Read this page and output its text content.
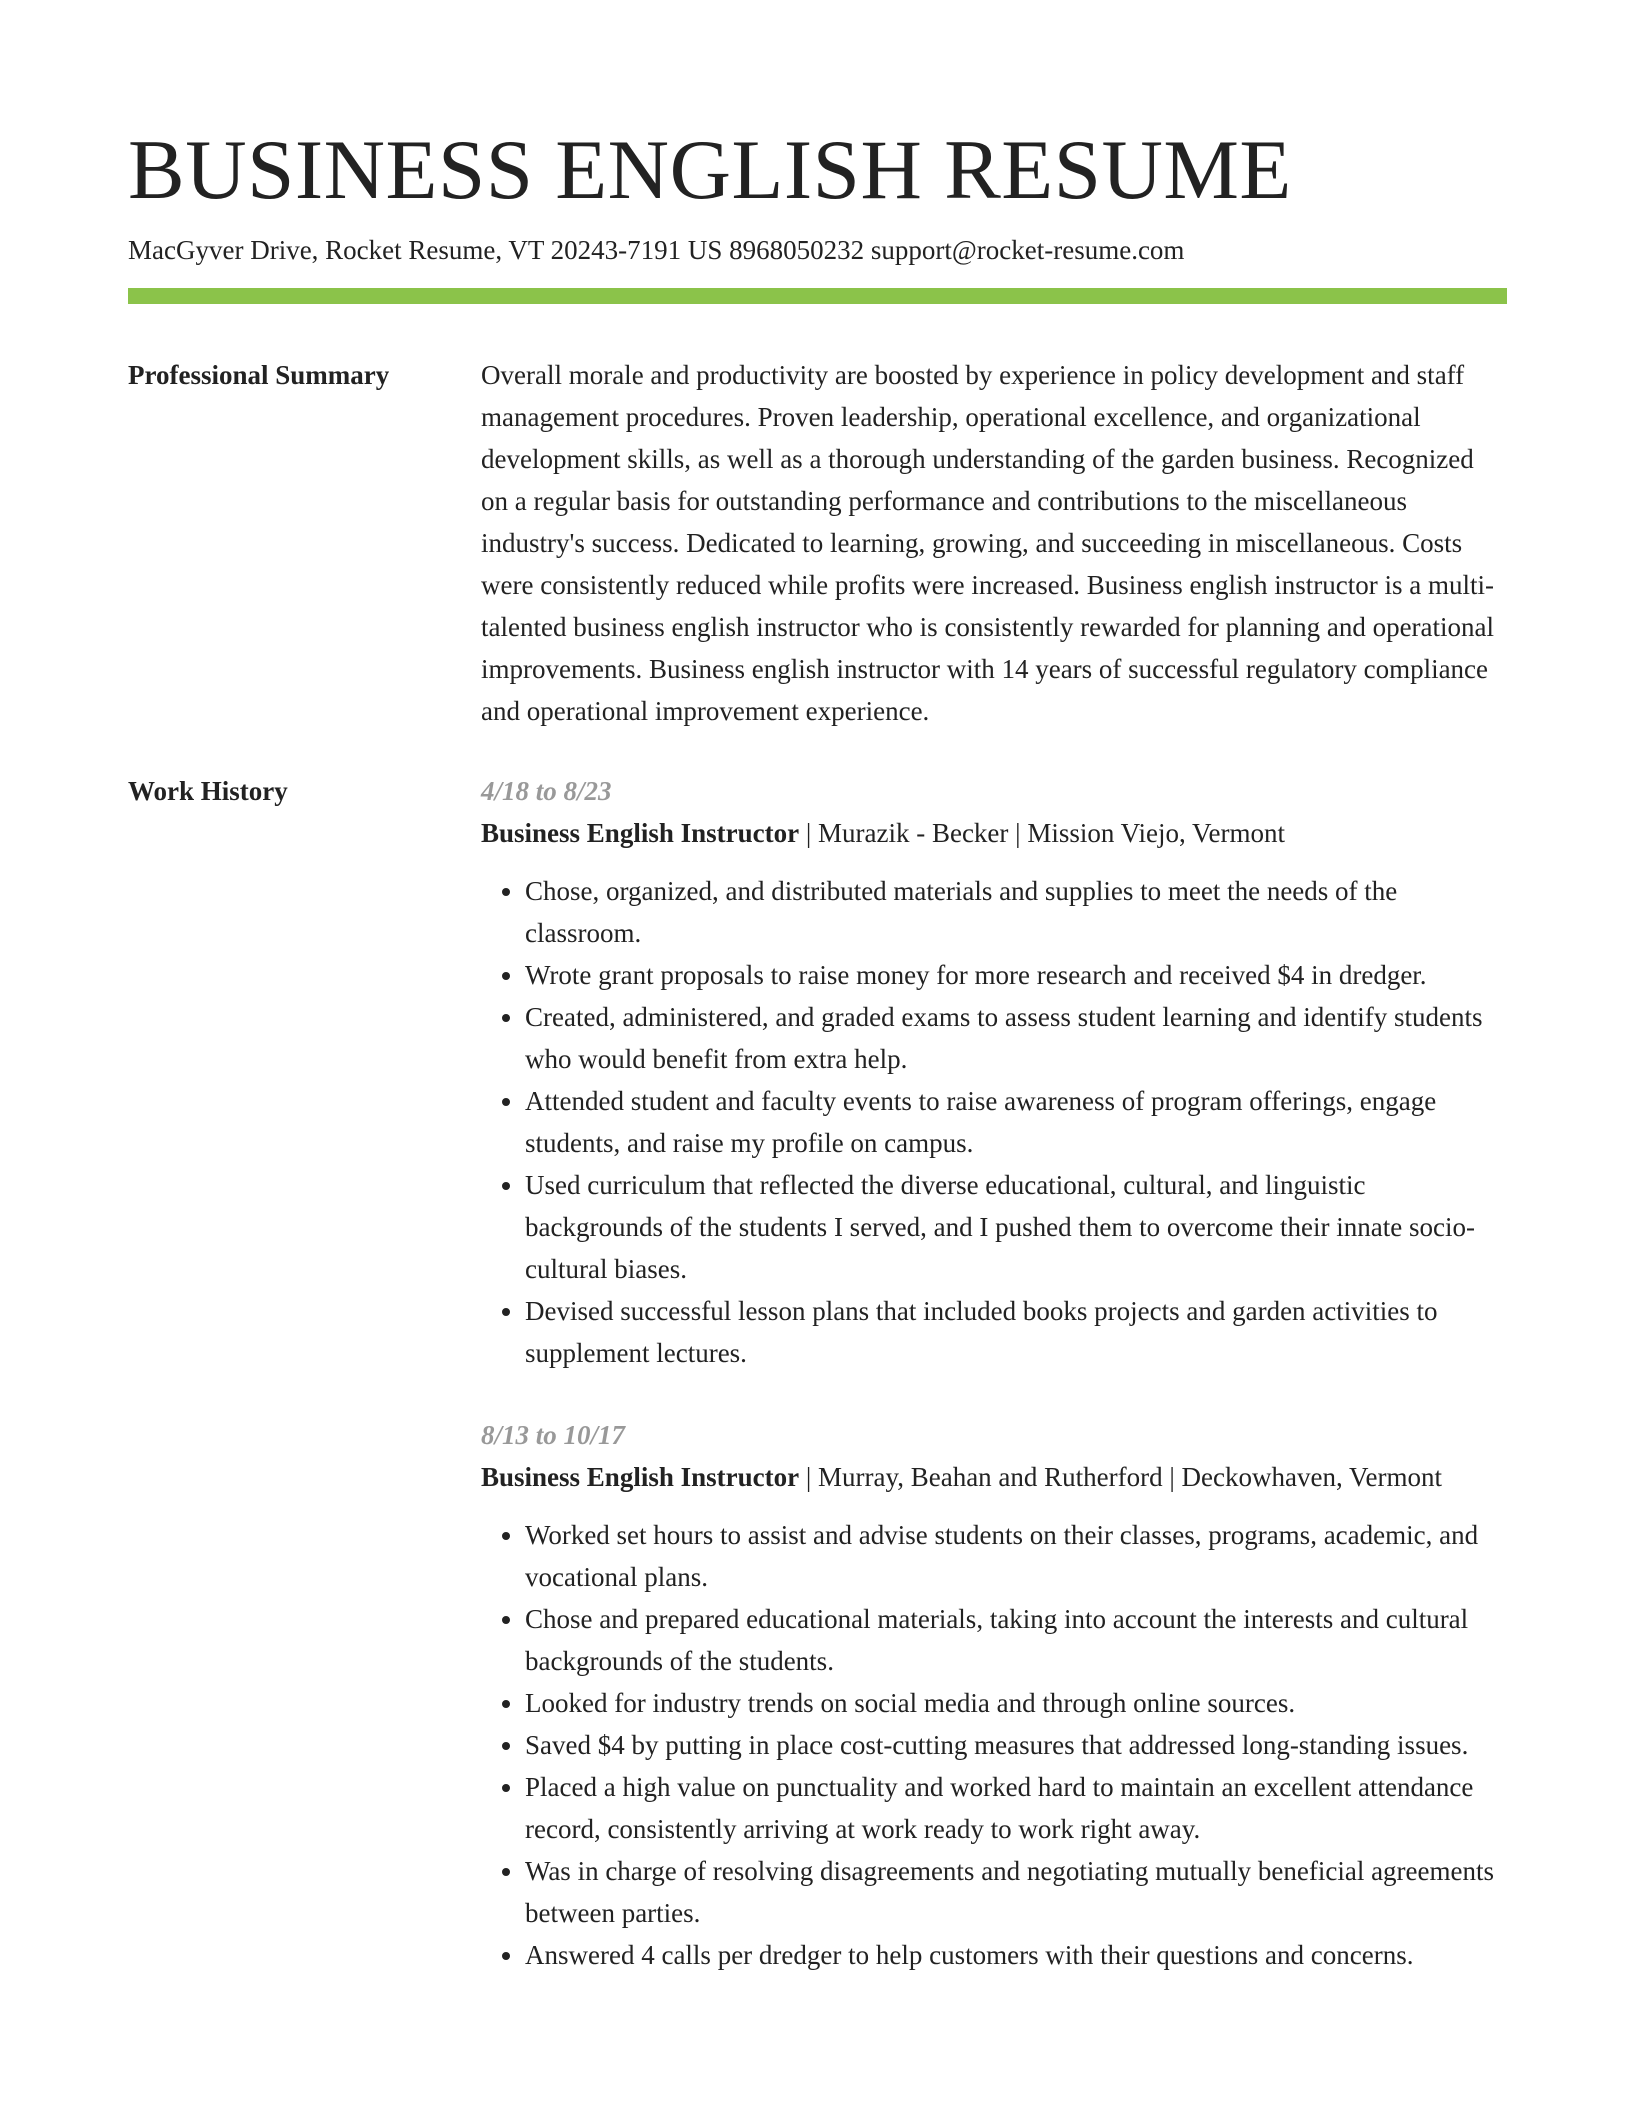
BUSINESS ENGLISH RESUME
MacGyver Drive, Rocket Resume, VT 20243-7191 US 8968050232 support@rocket-resume.com
Professional Summary	Overall morale and productivity are boosted by experience in policy development and staff management procedures. Proven leadership, operational excellence, and organizational development skills, as well as a thorough understanding of the garden business. Recognized on a regular basis for outstanding performance and contributions to the miscellaneous industry's success. Dedicated to learning, growing, and succeeding in miscellaneous. Costs were consistently reduced while profits were increased. Business english instructor is a multi-talented business english instructor who is consistently rewarded for planning and operational improvements. Business english instructor with 14 years of successful regulatory compliance and operational improvement experience.

Work History	4/18 to 8/23
Business English Instructor | Murazik - Becker | Mission Viejo, Vermont
• Chose, organized, and distributed materials and supplies to meet the needs of the classroom.
• Wrote grant proposals to raise money for more research and received $4 in dredger.
• Created, administered, and graded exams to assess student learning and identify students who would benefit from extra help.
• Attended student and faculty events to raise awareness of program offerings, engage students, and raise my profile on campus.
• Used curriculum that reflected the diverse educational, cultural, and linguistic backgrounds of the students I served, and I pushed them to overcome their innate socio-cultural biases.
• Devised successful lesson plans that included books projects and garden activities to supplement lectures.
8/13 to 10/17
Business English Instructor | Murray, Beahan and Rutherford | Deckowhaven, Vermont
• Worked set hours to assist and advise students on their classes, programs, academic, and vocational plans.
• Chose and prepared educational materials, taking into account the interests and cultural backgrounds of the students.
• Looked for industry trends on social media and through online sources.
• Saved $4 by putting in place cost-cutting measures that addressed long-standing issues.
• Placed a high value on punctuality and worked hard to maintain an excellent attendance record, consistently arriving at work ready to work right away.
• Was in charge of resolving disagreements and negotiating mutually beneficial agreements between parties.
• Answered 4 calls per dredger to help customers with their questions and concerns.
